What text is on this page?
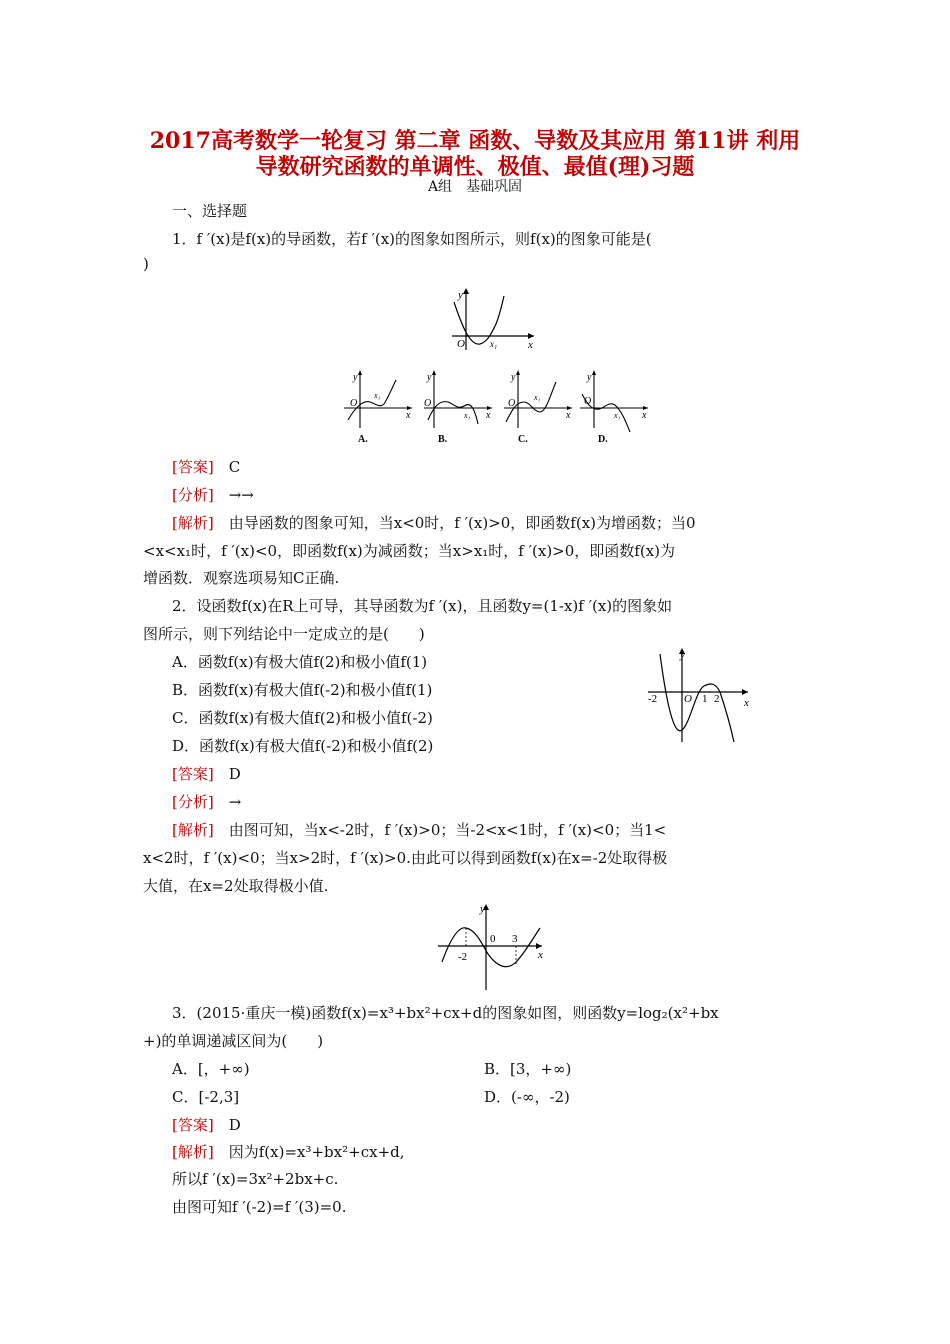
2017高考数学一轮复习 第二章 函数、导数及其应用 第11讲 利用
导数研究函数的单调性、极值、最值(理)习题
A组　基础巩固
一、选择题
1．f ′(x)是f(x)的导函数，若f ′(x)的图象如图所示，则f(x)的图象可能是(
)
y
x
O	x₁
y
x
O
x₁
A.
y
x
O
x₁
B.
y
x
O
x₁
C.
y
x
O
x₁
D.
[答案]　 C
[分析]　 →→
[解析]　 由导函数的图象可知，当x<0时，f ′(x)>0，即函数f(x)为增函数；当0
<x<x₁时，f ′(x)<0，即函数f(x)为减函数；当x>x₁时，f ′(x)>0，即函数f(x)为
增函数．观察选项易知C正确.
2．设函数f(x)在R上可导，其导函数为f ′(x)，且函数y=(1-x)f ′(x)的图象如
图所示，则下列结论中一定成立的是(　　)
A．函数f(x)有极大值f(2)和极小值f(1)
B．函数f(x)有极大值f(-2)和极小值f(1)
C．函数f(x)有极大值f(2)和极小值f(-2)
D．函数f(x)有极大值f(-2)和极小值f(2)
y
x
-2 O 1 2
[答案]　 D
[分析]　 →
[解析]　 由图可知，当x<-2时，f ′(x)>0；当-2<x<1时，f ′(x)<0；当1<
x<2时，f ′(x)<0；当x>2时，f ′(x)>0.由此可以得到函数f(x)在x=-2处取得极
大值，在x=2处取得极小值.
y
x
-2
0 3
3．(2015·重庆一模)函数f(x)=x³+bx²+cx+d的图象如图，则函数y=log₂(x²+bx
+)的单调递减区间为(　　)
A．[，+∞)	B．[3，+∞)
C．[-2,3]	D．(-∞，-2)
[答案]　 D
[解析]　 因为f(x)=x³+bx²+cx+d,
所以f ′(x)=3x²+2bx+c.
由图可知f ′(-2)=f ′(3)=0.
